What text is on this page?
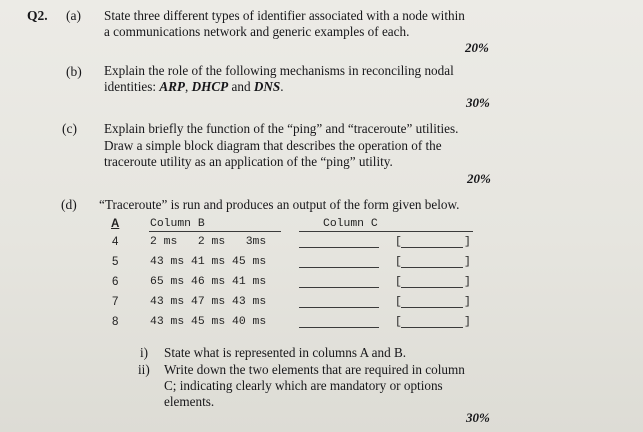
Q2. (a) State three different types of identifier associated with a node within
a communications network and generic examples of each.
20%
(b) Explain the role of the following mechanisms in reconciling nodal
identities: ARP, DHCP and DNS.
30%
(c) Explain briefly the function of the “ping” and “traceroute” utilities.
Draw a simple block diagram that describes the operation of the
traceroute utility as an application of the “ping” utility.
20%
(d) “Traceroute” is run and produces an output of the form given below.
A	Column B	Column C
4	2 ms   2 ms   3ms	[	]
5	43 ms 41 ms 45 ms	[	]
6	65 ms 46 ms 41 ms	[	]
7	43 ms 47 ms 43 ms	[	]
8	43 ms 45 ms 40 ms	[	]
i) State what is represented in columns A and B.
ii) Write down the two elements that are required in column
C; indicating clearly which are mandatory or options
elements.
30%
